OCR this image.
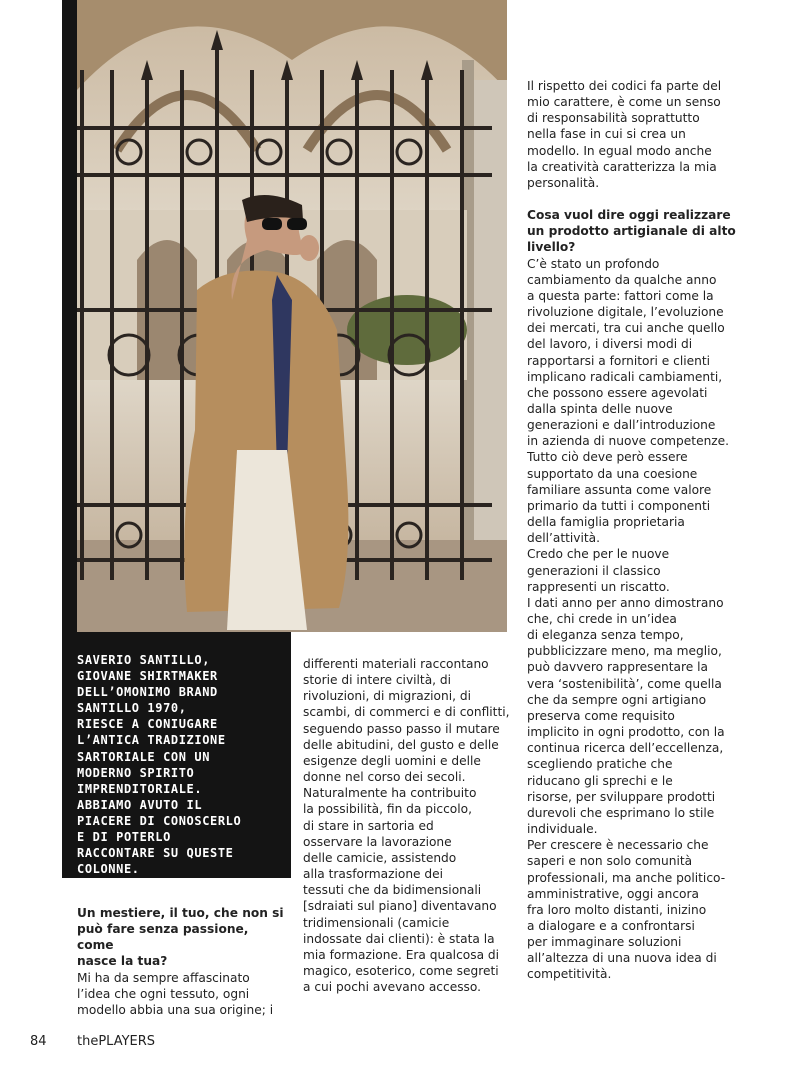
SAVERIO SANTILLO,
GIOVANE SHIRTMAKER
DELL’OMONIMO BRAND
SANTILLO 1970,
RIESCE A CONIUGARE
L’ANTICA TRADIZIONE
SARTORIALE CON UN
MODERNO SPIRITO
IMPRENDITORIALE.
ABBIAMO AVUTO IL
PIACERE DI CONOSCERLO
E DI POTERLO
RACCONTARE SU QUESTE
COLONNE.

Un mestiere, il tuo, che non si
può fare senza passione, come
nasce la tua?

Mi ha da sempre affascinato
l’idea che ogni tessuto, ogni
modello abbia una sua origine; i

differenti materiali raccontano
storie di intere civiltà, di
rivoluzioni, di migrazioni, di
scambi, di commerci e di conflitti,
seguendo passo passo il mutare
delle abitudini, del gusto e delle
esigenze degli uomini e delle
donne nel corso dei secoli.
Naturalmente ha contribuito
la possibilità, fin da piccolo,
di stare in sartoria ed
osservare la lavorazione
delle camicie, assistendo
alla trasformazione dei
tessuti che da bidimensionali
[sdraiati sul piano] diventavano
tridimensionali (camicie
indossate dai clienti): è stata la
mia formazione. Era qualcosa di
magico, esoterico, come segreti
a cui pochi avevano accesso.

Il rispetto dei codici fa parte del
mio carattere, è come un senso
di responsabilità soprattutto
nella fase in cui si crea un
modello. In egual modo anche
la creatività caratterizza la mia
personalità.

Cosa vuol dire oggi realizzare
un prodotto artigianale di alto
livello?

C’è stato un profondo
cambiamento da qualche anno
a questa parte: fattori come la
rivoluzione digitale, l’evoluzione
dei mercati, tra cui anche quello
del lavoro, i diversi modi di
rapportarsi a fornitori e clienti
implicano radicali cambiamenti,
che possono essere agevolati
dalla spinta delle nuove
generazioni e dall’introduzione
in azienda di nuove competenze.
Tutto ciò deve però essere
supportato da una coesione
familiare assunta come valore
primario da tutti i componenti
della famiglia proprietaria
dell’attività.
Credo che per le nuove
generazioni il classico
rappresenti un riscatto.
I dati anno per anno dimostrano
che, chi crede in un’idea
di eleganza senza tempo,
pubblicizzare meno, ma meglio,
può davvero rappresentare la
vera ‘sostenibilità’, come quella
che da sempre ogni artigiano
preserva come requisito
implicito in ogni prodotto, con la
continua ricerca dell’eccellenza,
scegliendo pratiche che
riducano gli sprechi e le
risorse, per sviluppare prodotti
durevoli che esprimano lo stile
individuale.
Per crescere è necessario che
saperi e non solo comunità
professionali, ma anche politico-
amministrative, oggi ancora
fra loro molto distanti, inizino
a dialogare e a confrontarsi
per immaginare soluzioni
all’altezza di una nuova idea di
competitività.

84 thePLAYERS
